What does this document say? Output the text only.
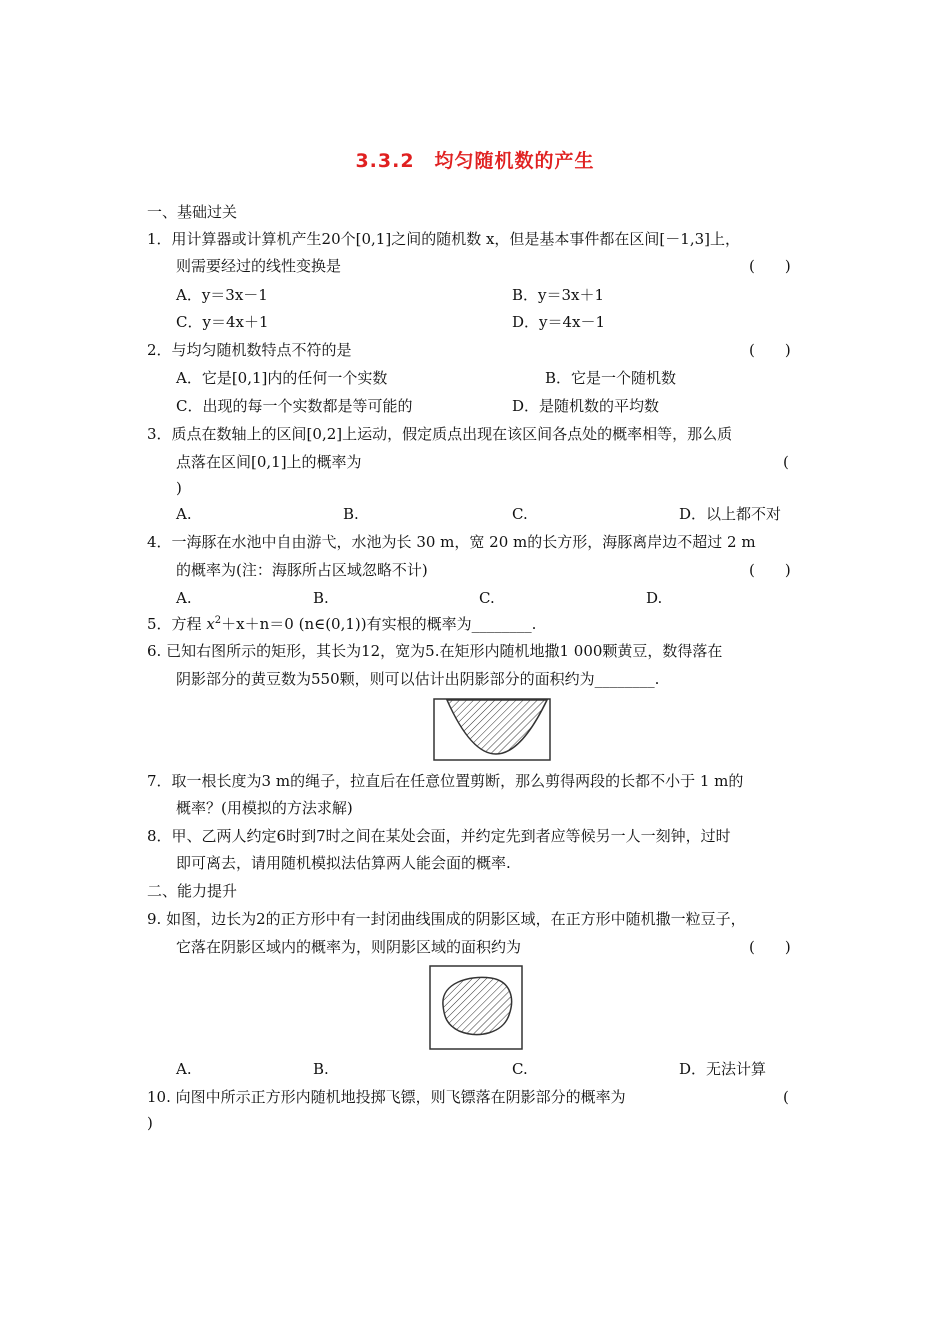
3.3.2　均匀随机数的产生
一、基础过关
1．用计算器或计算机产生20个[0,1]之间的随机数 x，但是基本事件都在区间[－1,3]上，
则需要经过的线性变换是	(　　)
A．y＝3x－1	B．y＝3x＋1
C．y＝4x＋1	D．y＝4x－1
2．与均匀随机数特点不符的是	(　　)
A．它是[0,1]内的任何一个实数	B．它是一个随机数
C．出现的每一个实数都是等可能的	D．是随机数的平均数
3．质点在数轴上的区间[0,2]上运动，假定质点出现在该区间各点处的概率相等，那么质
点落在区间[0,1]上的概率为	(
)
A.	B.	C.	D．以上都不对
4．一海豚在水池中自由游弋，水池为长 30 m，宽 20 m的长方形，海豚离岸边不超过 2 m
的概率为(注：海豚所占区域忽略不计)	(　　)
A.	B.	C.	D.
5．方程 $x^2+x+n=0$ (n∈(0,1))有实根的概率为________.
6. 已知右图所示的矩形，其长为12，宽为5.在矩形内随机地撒1 000颗黄豆，数得落在
阴影部分的黄豆数为550颗，则可以估计出阴影部分的面积约为________.
7．取一根长度为3 m的绳子，拉直后在任意位置剪断，那么剪得两段的长都不小于 1 m的
概率？(用模拟的方法求解)
8．甲、乙两人约定6时到7时之间在某处会面，并约定先到者应等候另一人一刻钟，过时
即可离去，请用随机模拟法估算两人能会面的概率.
二、能力提升
9. 如图，边长为2的正方形中有一封闭曲线围成的阴影区域，在正方形中随机撒一粒豆子，
它落在阴影区域内的概率为，则阴影区域的面积约为	(　　)
A.	B.	C.	D．无法计算
10. 向图中所示正方形内随机地投掷飞镖，则飞镖落在阴影部分的概率为	(
)
